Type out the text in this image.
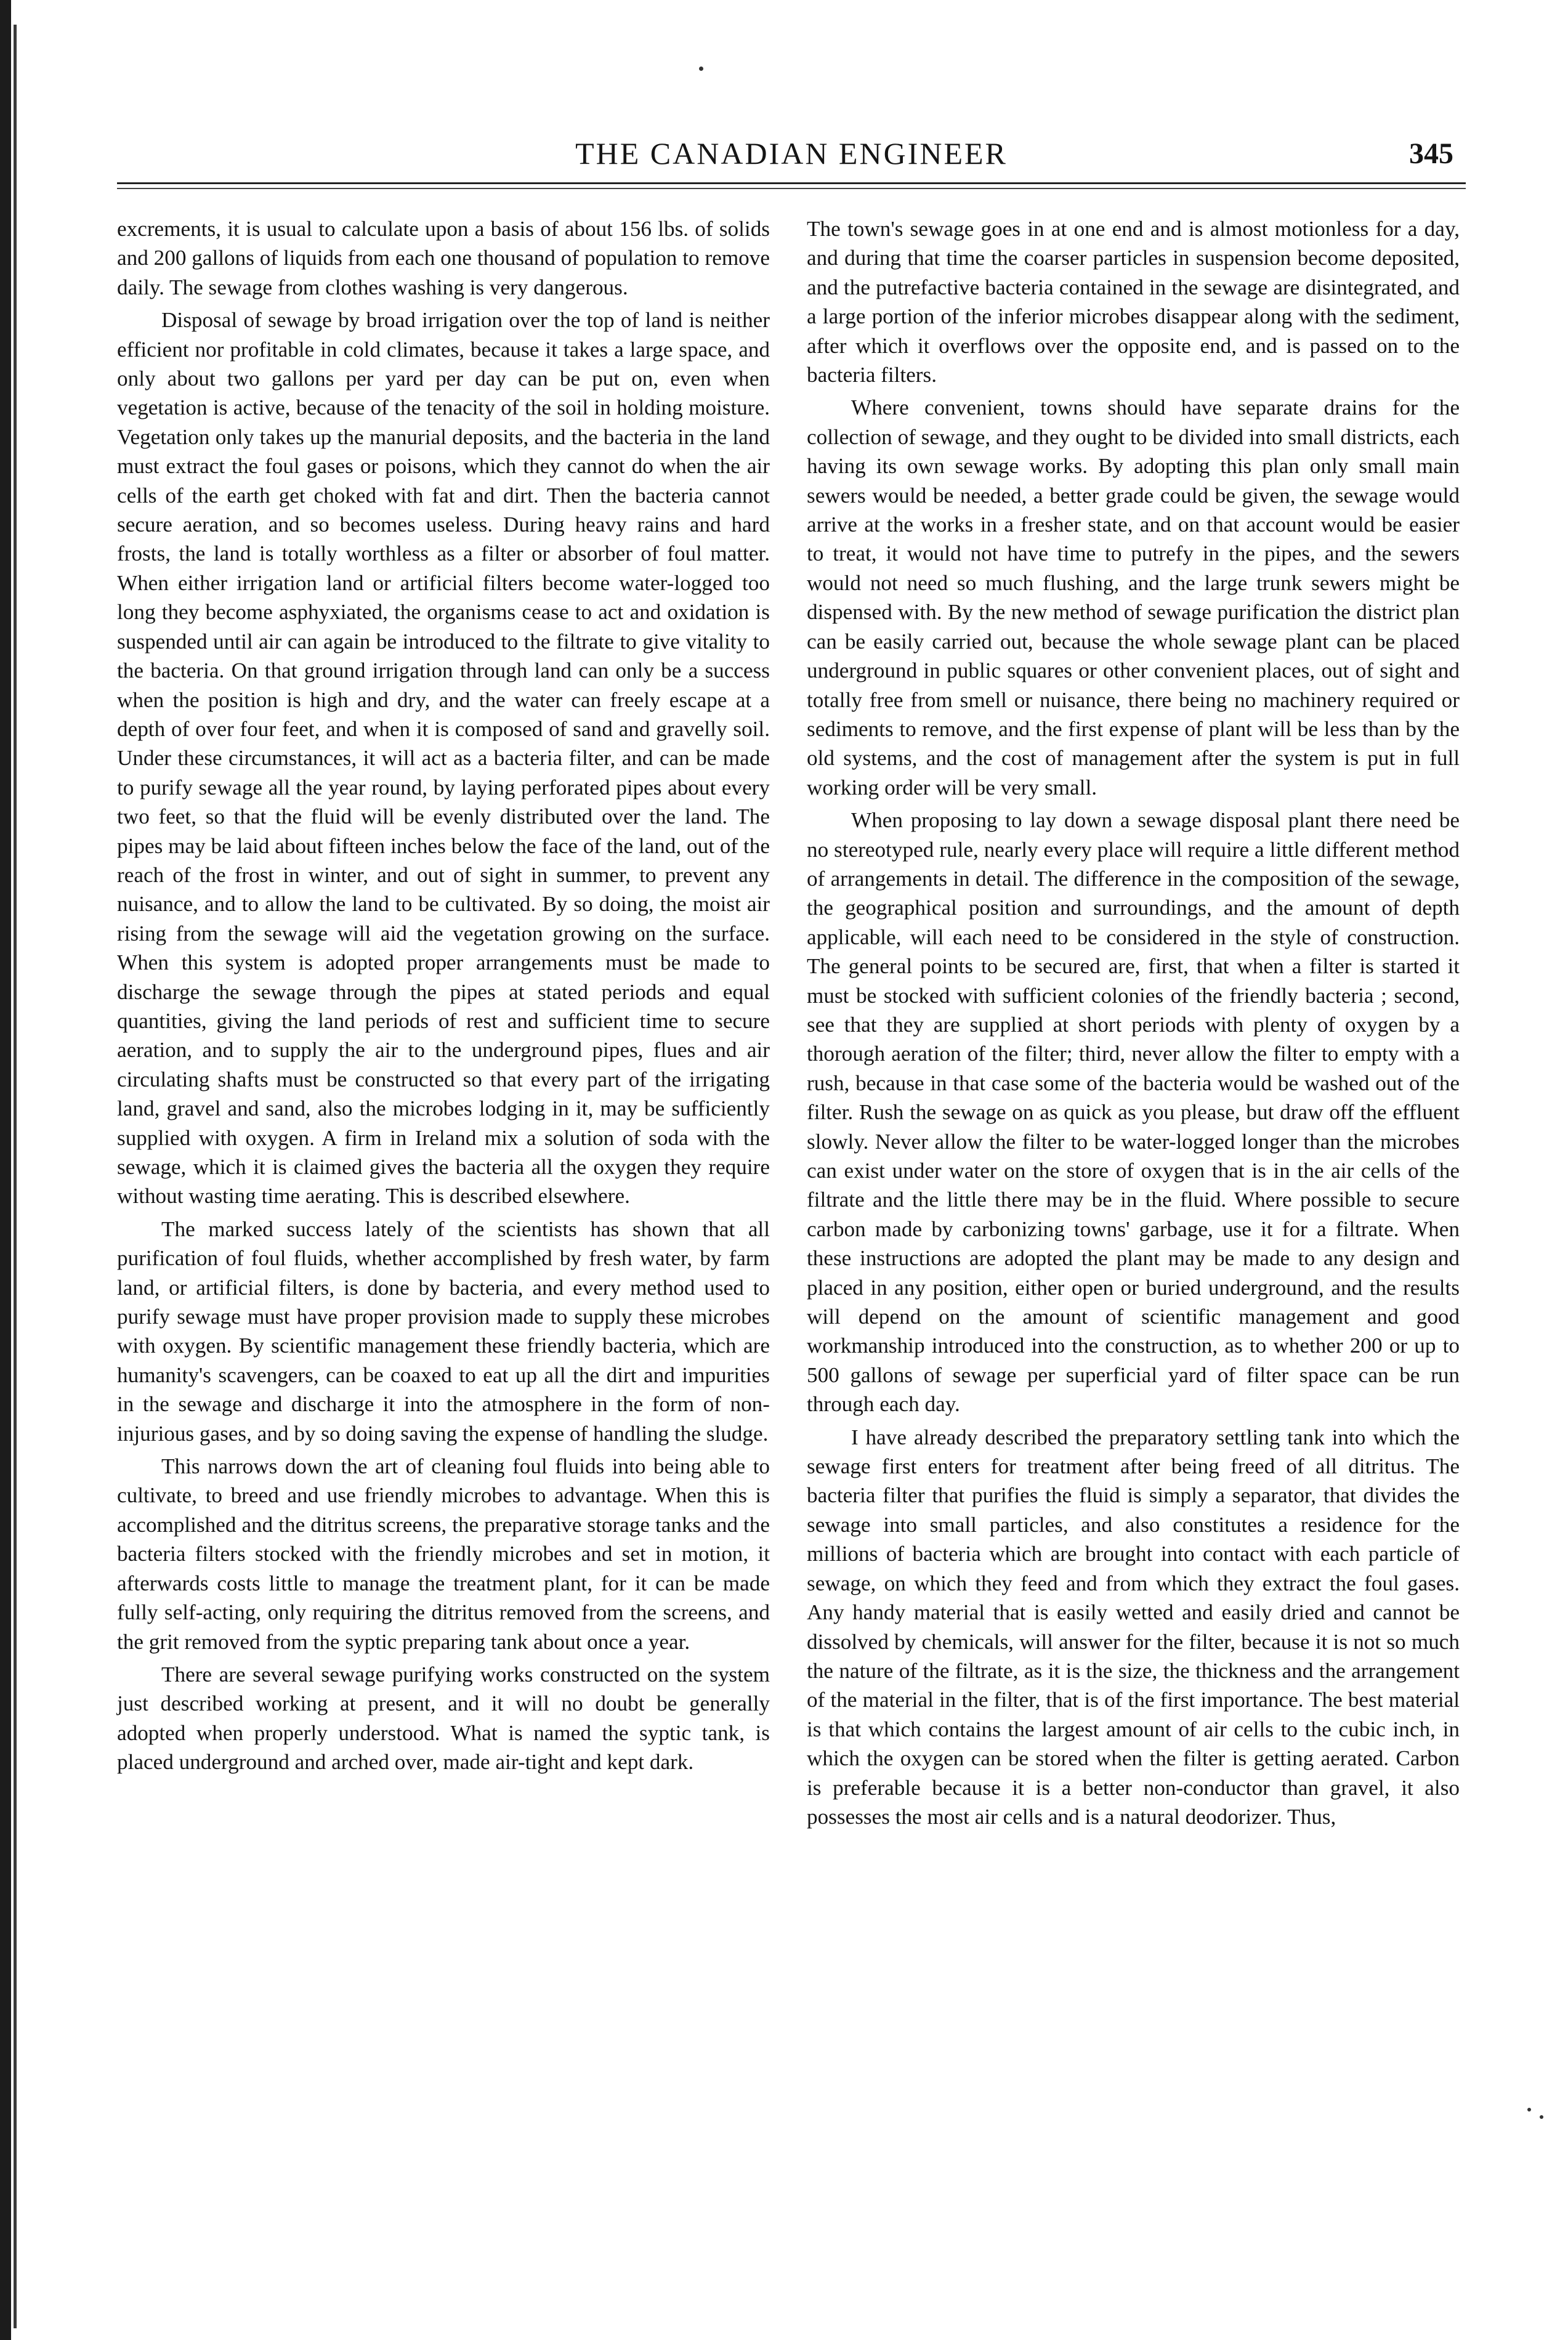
THE CANADIAN ENGINEER	345

excrements, it is usual to calculate upon a basis of about 156 lbs. of solids and 200 gallons of liquids from each one thousand of population to remove daily. The sewage from clothes washing is very dangerous.

Disposal of sewage by broad irrigation over the top of land is neither efficient nor profitable in cold climates, because it takes a large space, and only about two gallons per yard per day can be put on, even when vegetation is active, because of the tenacity of the soil in holding moisture. Vegetation only takes up the manurial deposits, and the bacteria in the land must extract the foul gases or poisons, which they cannot do when the air cells of the earth get choked with fat and dirt. Then the bacteria cannot secure aeration, and so becomes useless. During heavy rains and hard frosts, the land is totally worthless as a filter or absorber of foul matter. When either irrigation land or artificial filters become water-logged too long they become asphyxiated, the organisms cease to act and oxidation is suspended until air can again be introduced to the filtrate to give vitality to the bacteria. On that ground irrigation through land can only be a success when the position is high and dry, and the water can freely escape at a depth of over four feet, and when it is composed of sand and gravelly soil. Under these circumstances, it will act as a bacteria filter, and can be made to purify sewage all the year round, by laying perforated pipes about every two feet, so that the fluid will be evenly distributed over the land. The pipes may be laid about fifteen inches below the face of the land, out of the reach of the frost in winter, and out of sight in summer, to prevent any nuisance, and to allow the land to be cultivated. By so doing, the moist air rising from the sewage will aid the vegetation growing on the surface. When this system is adopted proper arrangements must be made to discharge the sewage through the pipes at stated periods and equal quantities, giving the land periods of rest and sufficient time to secure aeration, and to supply the air to the underground pipes, flues and air circulating shafts must be constructed so that every part of the irrigating land, gravel and sand, also the microbes lodging in it, may be sufficiently supplied with oxygen. A firm in Ireland mix a solution of soda with the sewage, which it is claimed gives the bacteria all the oxygen they require without wasting time aerating. This is described elsewhere.

The marked success lately of the scientists has shown that all purification of foul fluids, whether accomplished by fresh water, by farm land, or artificial filters, is done by bacteria, and every method used to purify sewage must have proper provision made to supply these microbes with oxygen. By scientific management these friendly bacteria, which are humanity's scavengers, can be coaxed to eat up all the dirt and impurities in the sewage and discharge it into the atmosphere in the form of non-injurious gases, and by so doing saving the expense of handling the sludge.

This narrows down the art of cleaning foul fluids into being able to cultivate, to breed and use friendly microbes to advantage. When this is accomplished and the ditritus screens, the preparative storage tanks and the bacteria filters stocked with the friendly microbes and set in motion, it afterwards costs little to manage the treatment plant, for it can be made fully self-acting, only requiring the ditritus removed from the screens, and the grit removed from the syptic preparing tank about once a year.

There are several sewage purifying works constructed on the system just described working at present, and it will no doubt be generally adopted when properly understood. What is named the syptic tank, is placed underground and arched over, made air-tight and kept dark.

The town's sewage goes in at one end and is almost motionless for a day, and during that time the coarser particles in suspension become deposited, and the putrefactive bacteria contained in the sewage are disintegrated, and a large portion of the inferior microbes disappear along with the sediment, after which it overflows over the opposite end, and is passed on to the bacteria filters.

Where convenient, towns should have separate drains for the collection of sewage, and they ought to be divided into small districts, each having its own sewage works. By adopting this plan only small main sewers would be needed, a better grade could be given, the sewage would arrive at the works in a fresher state, and on that account would be easier to treat, it would not have time to putrefy in the pipes, and the sewers would not need so much flushing, and the large trunk sewers might be dispensed with. By the new method of sewage purification the district plan can be easily carried out, because the whole sewage plant can be placed underground in public squares or other convenient places, out of sight and totally free from smell or nuisance, there being no machinery required or sediments to remove, and the first expense of plant will be less than by the old systems, and the cost of management after the system is put in full working order will be very small.

When proposing to lay down a sewage disposal plant there need be no stereotyped rule, nearly every place will require a little different method of arrangements in detail. The difference in the composition of the sewage, the geographical position and surroundings, and the amount of depth applicable, will each need to be considered in the style of construction. The general points to be secured are, first, that when a filter is started it must be stocked with sufficient colonies of the friendly bacteria ; second, see that they are supplied at short periods with plenty of oxygen by a thorough aeration of the filter; third, never allow the filter to empty with a rush, because in that case some of the bacteria would be washed out of the filter. Rush the sewage on as quick as you please, but draw off the effluent slowly. Never allow the filter to be water-logged longer than the microbes can exist under water on the store of oxygen that is in the air cells of the filtrate and the little there may be in the fluid. Where possible to secure carbon made by carbonizing towns' garbage, use it for a filtrate. When these instructions are adopted the plant may be made to any design and placed in any position, either open or buried underground, and the results will depend on the amount of scientific management and good workmanship introduced into the construction, as to whether 200 or up to 500 gallons of sewage per superficial yard of filter space can be run through each day.

I have already described the preparatory settling tank into which the sewage first enters for treatment after being freed of all ditritus. The bacteria filter that purifies the fluid is simply a separator, that divides the sewage into small particles, and also constitutes a residence for the millions of bacteria which are brought into contact with each particle of sewage, on which they feed and from which they extract the foul gases. Any handy material that is easily wetted and easily dried and cannot be dissolved by chemicals, will answer for the filter, because it is not so much the nature of the filtrate, as it is the size, the thickness and the arrangement of the material in the filter, that is of the first importance. The best material is that which contains the largest amount of air cells to the cubic inch, in which the oxygen can be stored when the filter is getting aerated. Carbon is preferable because it is a better non-conductor than gravel, it also possesses the most air cells and is a natural deodorizer. Thus,
